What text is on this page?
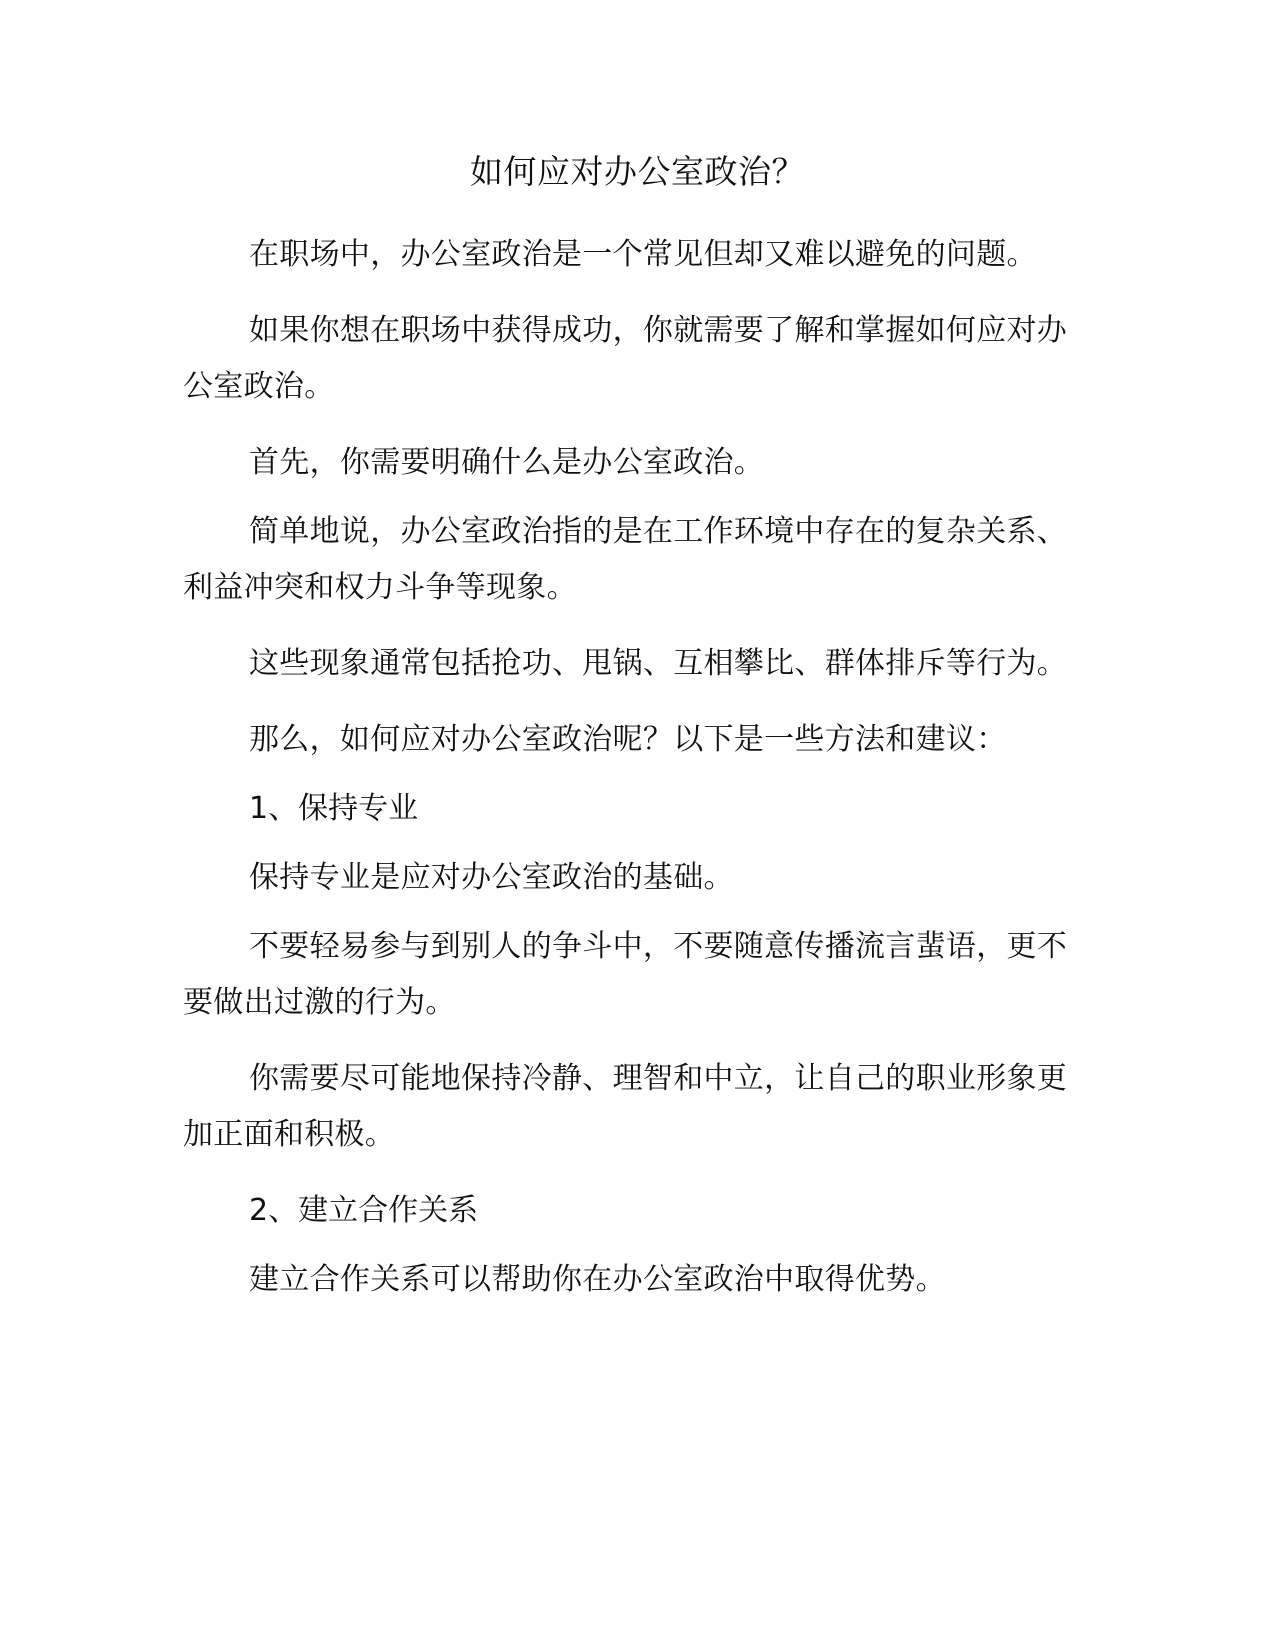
如何应对办公室政治？

在职场中，办公室政治是一个常见但却又难以避免的问题。

如果你想在职场中获得成功，你就需要了解和掌握如何应对办公室政治。

首先，你需要明确什么是办公室政治。

简单地说，办公室政治指的是在工作环境中存在的复杂关系、利益冲突和权力斗争等现象。

这些现象通常包括抢功、甩锅、互相攀比、群体排斥等行为。

那么，如何应对办公室政治呢？以下是一些方法和建议：

1、保持专业

保持专业是应对办公室政治的基础。

不要轻易参与到别人的争斗中，不要随意传播流言蜚语，更不要做出过激的行为。

你需要尽可能地保持冷静、理智和中立，让自己的职业形象更加正面和积极。

2、建立合作关系

建立合作关系可以帮助你在办公室政治中取得优势。
